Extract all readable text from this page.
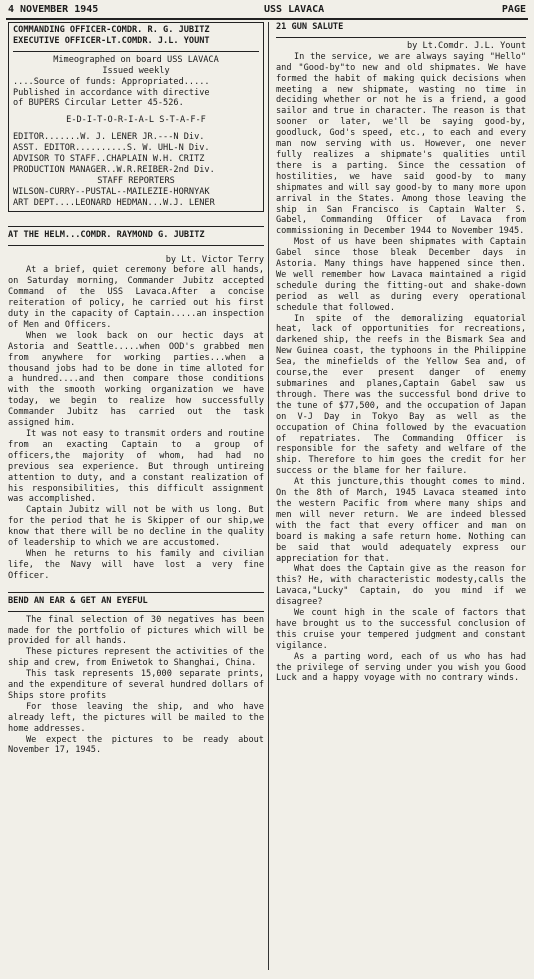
4 NOVEMBER 1945	USS LAVACA	PAGE

COMMANDING OFFICER-COMDR. R. G. JUBITZ

EXECUTIVE OFFICER-LT.COMDR. J.L. YOUNT

Mimeographed on board USS LAVACA

Issued weekly

....Source of funds: Appropriated.....

Published in accordance with directive

of BUPERS Circular Letter 45-526.

E-D-I-T-O-R-I-A-L S-T-A-F-F

EDITOR.......W. J. LENER JR.---N Div.

ASST. EDITOR..........S. W. UHL-N Div.

ADVISOR TO STAFF..CHAPLAIN W.H. CRITZ

PRODUCTION MANAGER..W.R.REIBER-2nd Div.

STAFF REPORTERS

WILSON-CURRY--PUSTAL--MAILEZIE-HORNYAK

ART DEPT....LEONARD HEDMAN...W.J. LENER

AT THE HELM...COMDR. RAYMOND G. JUBITZ

by Lt. Victor Terry

At a brief, quiet ceremony before all hands, on Saturday morning, Commander Jubitz accepted Command of the USS Lavaca.After a concise reiteration of policy, he carried out his first duty in the capacity of Captain.....an inspection of Men and Officers.

When we look back on our hectic days at Astoria and Seattle.....when OOD's grabbed men from anywhere for working parties...when a thousand jobs had to be done in time alloted for a hundred....and then compare those conditions with the smooth working organization we have today, we begin to realize how successfully Commander Jubitz has carried out the task assigned him.

It was not easy to transmit orders and routine from an exacting Captain to a group of officers,the majority of whom, had had no previous sea experience. But through untireing attention to duty, and a constant realization of his responsibilities, this difficult assignment was accomplished.

Captain Jubitz will not be with us long. But for the period that he is Skipper of our ship,we know that there will be no decline in the quality of leadership to which we are accustomed.

When he returns to his family and civilian life, the Navy will have lost a very fine Officer.

BEND AN EAR & GET AN EYEFUL

The final selection of 30 negatives has been made for the portfolio of pictures which will be provided for all hands.

These pictures represent the activities of the ship and crew, from Eniwetok to Shanghai, China.

This task represents 15,000 separate prints, and the expenditure of several hundred dollars of Ships store profits

For those leaving the ship, and who have already left, the pictures will be mailed to the home addresses.

We expect the pictures to be ready about November 17, 1945.

21 GUN SALUTE

by Lt.Comdr. J.L. Yount

In the service, we are always saying "Hello" and "Good-by"to new and old shipmates. We have formed the habit of making quick decisions when meeting a new shipmate, wasting no time in deciding whether or not he is a friend, a good sailor and true in character. The reason is that sooner or later, we'll be saying good-by, goodluck, God's speed, etc., to each and every man now serving with us. However, one never fully realizes a shipmate's qualities until there is a parting. Since the cessation of hostilities, we have said good-by to many shipmates and will say good-by to many more upon arrival in the States. Among those leaving the ship in San Francisco is Captain Walter S. Gabel, Commanding Officer of Lavaca from commissioning in December 1944 to November 1945.

Most of us have been shipmates with Captain Gabel since those bleak December days in Astoria. Many things have happened since then. We well remember how Lavaca maintained a rigid schedule during the fitting-out and shake-down period as well as during every operational schedule that followed.

In spite of the demoralizing equatorial heat, lack of opportunities for recreations, darkened ship, the reefs in the Bismark Sea and New Guinea coast, the typhoons in the Philippine Sea, the minefields of the Yellow Sea and, of course,the ever present danger of enemy submarines and planes,Captain Gabel saw us through. There was the successful bond drive to the tune of $77,500, and the occupation of Japan on V-J Day in Tokyo Bay as well as the occupation of China followed by the evacuation of repatriates. The Commanding Officer is responsible for the safety and welfare of the ship. Therefore to him goes the credit for her success or the blame for her failure.

At this juncture,this thought comes to mind. On the 8th of March, 1945 Lavaca steamed into the western Pacific from where many ships and men will never return. We are indeed blessed with the fact that every officer and man on board is making a safe return home. Nothing can be said that would adequately express our appreciation for that.

What does the Captain give as the reason for this? He, with characteristic modesty,calls the Lavaca,"Lucky" Captain, do you mind if we disagree?

We count high in the scale of factors that have brought us to the successful conclusion of this cruise your tempered judgment and constant vigilance.

As a parting word, each of us who has had the privilege of serving under you wish you Good Luck and a happy voyage with no contrary winds.
